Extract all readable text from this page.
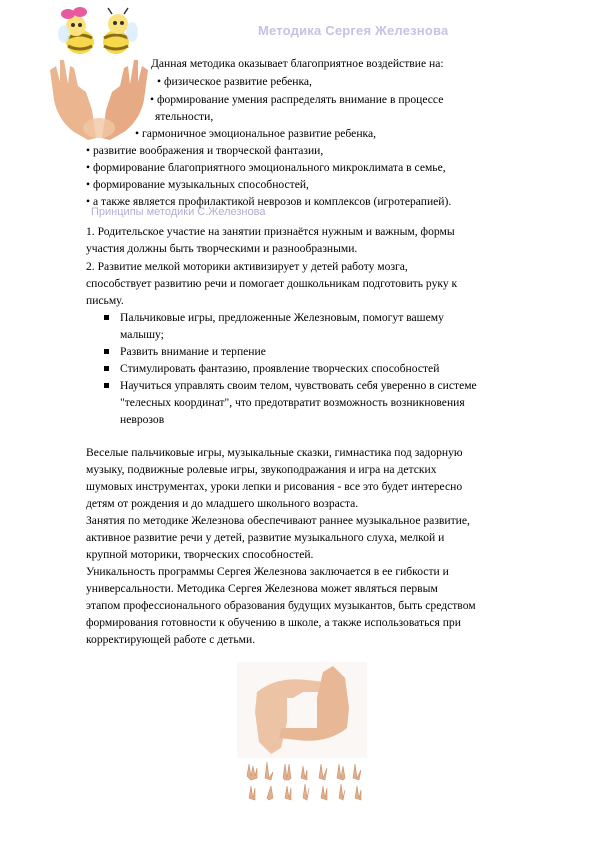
Методика Сергея Железнова
Данная методика оказывает благоприятное воздействие на:
• физическое развитие ребенка,
• формирование умения распределять внимание в процессе
ятельности,
• гармоничное эмоциональное развитие ребенка,
• развитие воображения и творческой фантазии,
• формирование благоприятного эмоционального микроклимата в семье,
• формирование музыкальных способностей,
• а также является профилактикой неврозов и комплексов (игротерапией).
Принципы методики С.Железнова
1. Родительское участие на занятии признаётся нужным и важным, формы
участия должны быть творческими и разнообразными.
2. Развитие мелкой моторики активизирует у детей работу мозга,
способствует развитию речи и помогает дошкольникам подготовить руку к
письму.
Пальчиковые игры, предложенные Железновым, помогут вашему
малышу;
Развить внимание и терпение
Стимулировать фантазию, проявление творческих способностей
Научиться управлять своим телом, чувствовать себя уверенно в системе
"телесных координат", что предотвратит возможность возникновения
неврозов
Веселые пальчиковые игры, музыкальные сказки, гимнастика под задорную
музыку, подвижные ролевые игры, звукоподражания и игра на детских
шумовых инструментах, уроки лепки и рисования - все это будет интересно
детям от рождения и до младшего школьного возраста.
Занятия по методике Железнова обеспечивают раннее музыкальное развитие,
активное развитие речи у детей, развитие музыкального слуха, мелкой и
крупной моторики, творческих способностей.
Уникальность программы Сергея Железнова заключается в ее гибкости и
универсальности. Методика Сергея Железнова может являться первым
этапом профессионального образования будущих музыкантов, быть средством
формирования готовности к обучению в школе, а также использоваться при
корректирующей работе с детьми.
